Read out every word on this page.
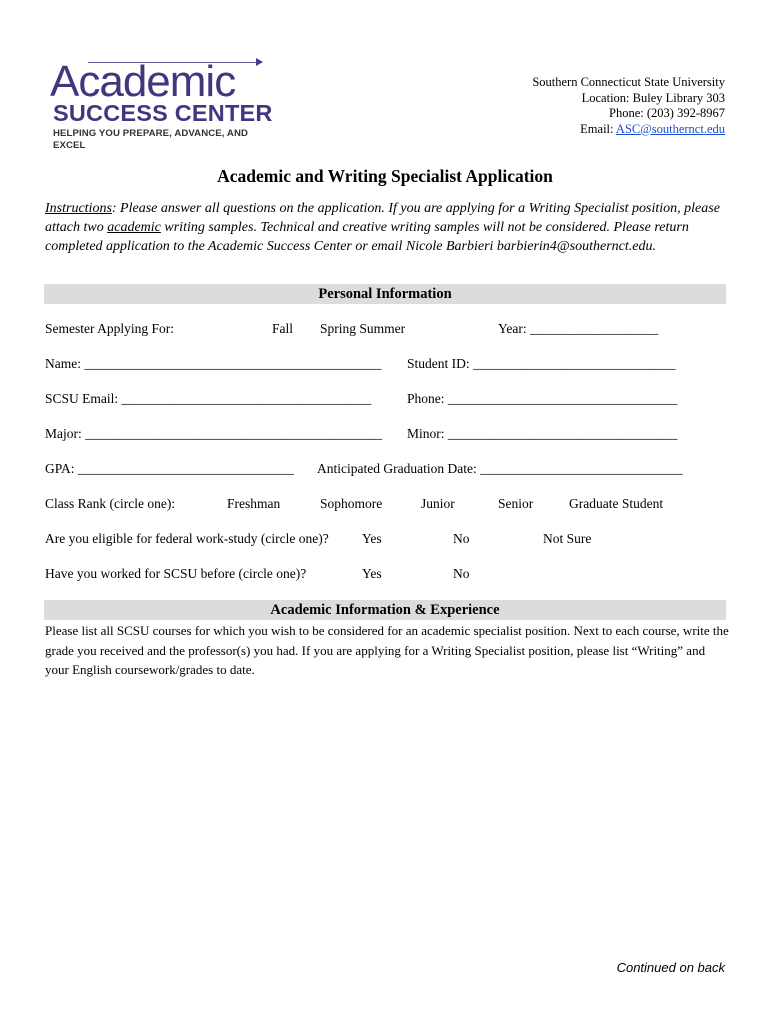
Academic
SUCCESS CENTER
HELPING YOU PREPARE, ADVANCE, AND EXCEL
Southern Connecticut State University
Location: Buley Library 303
Phone: (203) 392-8967
Email: ASC@southernct.edu
Academic and Writing Specialist Application
Instructions: Please answer all questions on the application. If you are applying for a Writing Specialist position, please attach two academic writing samples. Technical and creative writing samples will not be considered. Please return completed application to the Academic Success Center or email Nicole Barbieri barbierin4@southernct.edu.
Personal Information
Semester Applying For:	Fall Spring Summer	Year: ___________________
Name: ____________________________________________ Student ID: ______________________________
SCSU Email: _____________________________________	Phone: __________________________________
Major: ____________________________________________ Minor: __________________________________
GPA: ________________________________ Anticipated Graduation Date: ______________________________
Class Rank (circle one):	Freshman	Sophomore	Junior	Senior	Graduate Student
Are you eligible for federal work-study (circle one)? Yes	No	Not Sure
Have you worked for SCSU before (circle one)?	Yes	No
Academic Information & Experience
Please list all SCSU courses for which you wish to be considered for an academic specialist position. Next to each course, write the grade you received and the professor(s) you had. If you are applying for a Writing Specialist position, please list “Writing” and your English coursework/grades to date.
Continued on back
